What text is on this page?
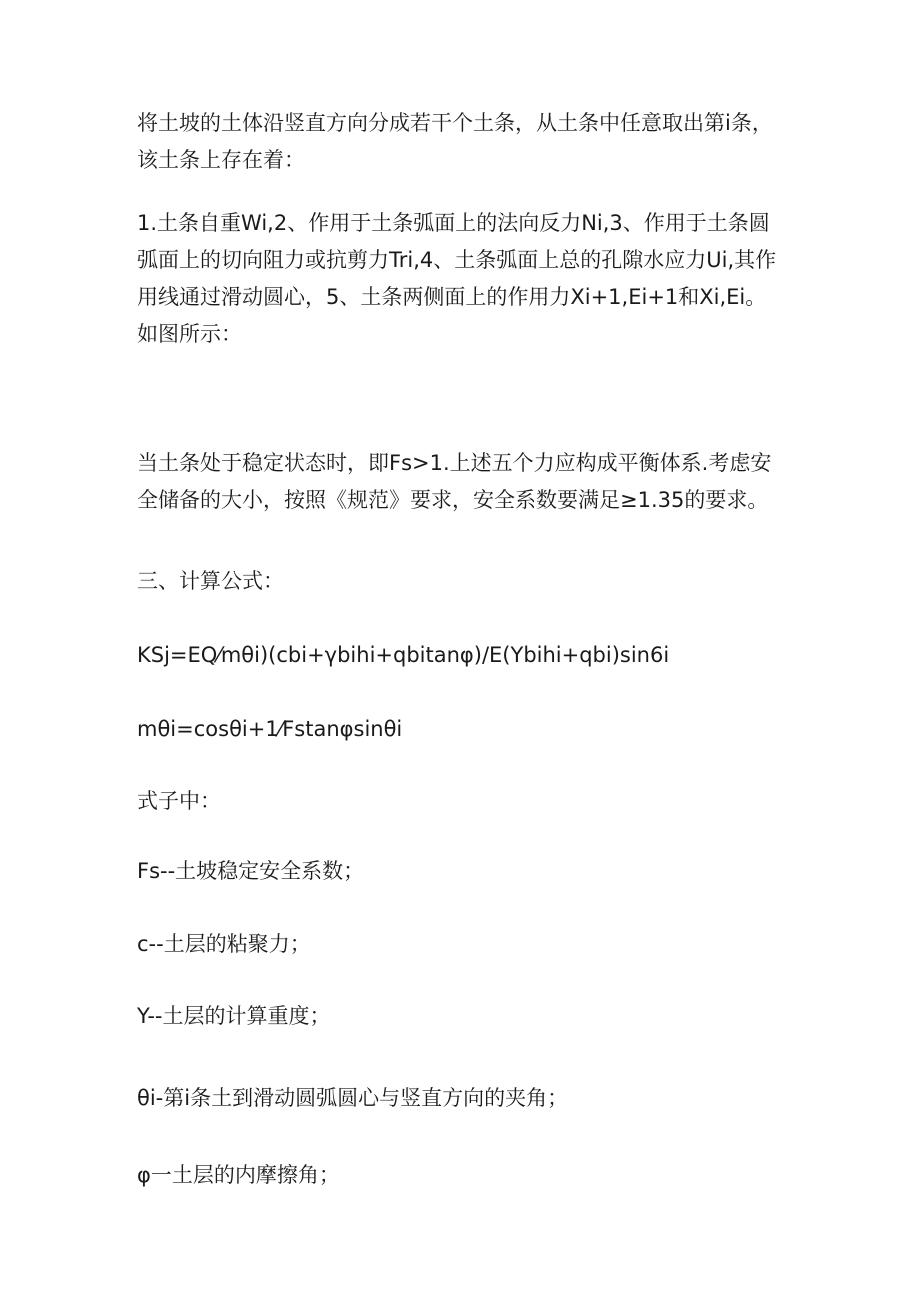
将土坡的土体沿竖直方向分成若干个土条，从土条中任意取出第i条，该土条上存在着：

1.土条自重Wi,2、作用于土条弧面上的法向反力Ni,3、作用于土条圆弧面上的切向阻力或抗剪力Tri,4、土条弧面上总的孔隙水应力Ui,其作用线通过滑动圆心，5、土条两侧面上的作用力Xi+1,Ei+1和Xi,Ei。如图所示：

当土条处于稳定状态时，即Fs>1.上述五个力应构成平衡体系.考虑安全储备的大小，按照《规范》要求，安全系数要满足≥1.35的要求。

三、计算公式：

KSj=EQ⁄mθi)(cbi+γbihi+qbitanφ)/E(Ybihi+qbi)sin6i

mθi=cosθi+1⁄Fstanφsinθi

式子中：

Fs--土坡稳定安全系数；

c--土层的粘聚力；

Y--土层的计算重度；

θi-第i条土到滑动圆弧圆心与竖直方向的夹角；

φ一土层的内摩擦角；
